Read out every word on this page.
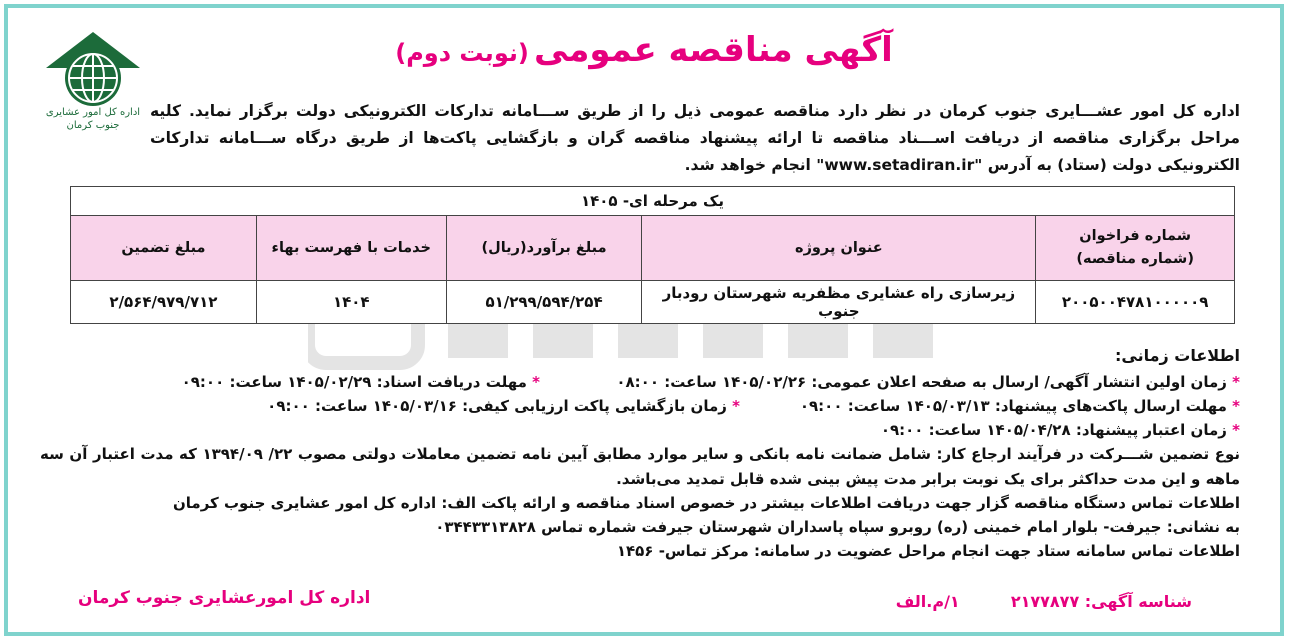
اداره کل امور عشایری
جنوب کرمان
آگهی مناقصه عمومی (نوبت دوم)
اداره کل امور عشـــایری جنوب کرمان در نظر دارد مناقصه عمومی ذیل را از طریق ســـامانه تدارکات الکترونیکی دولت برگزار نماید. کلیه مراحل برگزاری مناقصه از دریافت اســـناد مناقصه تا ارائه پیشنهاد مناقصه گران و بازگشایی پاکت‌ها از طریق درگاه ســـامانه تدارکات الکترونیکی دولت (ستاد) به آدرس "www.setadiran.ir" انجام خواهد شد.
یک مرحله ای- ۱۴۰۵				

شماره فراخوان
(شماره مناقصه)	عنوان پروژه	مبلغ برآورد(ریال)	خدمات با فهرست بهاء	مبلغ تضمین
۲۰۰۵۰۰۴۷۸۱۰۰۰۰۰۹	زیرسازی راه عشایری مظفریه شهرستان رودبار جنوب	۵۱/۲۹۹/۵۹۴/۲۵۴	۱۴۰۴	۲/۵۶۴/۹۷۹/۷۱۲
اطلاعات زمانی:
* زمان اولین انتشار آگهی/ ارسال به صفحه اعلان عمومی: ۱۴۰۵/۰۲/۲۶ ساعت: ۰۸:۰۰
* مهلت دریافت اسناد: ۱۴۰۵/۰۲/۲۹ ساعت: ۰۹:۰۰
* مهلت ارسال پاکت‌های پیشنهاد: ۱۴۰۵/۰۳/۱۳ ساعت: ۰۹:۰۰
* زمان بازگشایی پاکت ارزیابی کیفی: ۱۴۰۵/۰۳/۱۶ ساعت: ۰۹:۰۰
* زمان اعتبار پیشنهاد: ۱۴۰۵/۰۴/۲۸ ساعت: ۰۹:۰۰
نوع تضمین شـــرکت در فرآیند ارجاع کار: شامل ضمانت نامه بانکی و سایر موارد مطابق آیین نامه تضمین معاملات دولتی مصوب ۲۲/ ۱۳۹۴/۰۹ که مدت اعتبار آن سه ماهه و این مدت حداکثر برای یک نوبت برابر مدت پیش بینی شده قابل تمدید می‌باشد.
اطلاعات تماس دستگاه مناقصه گزار جهت دریافت اطلاعات بیشتر در خصوص اسناد مناقصه و ارائه پاکت الف: اداره کل امور عشایری جنوب کرمان
به نشانی: جیرفت- بلوار امام خمینی (ره) روبرو سپاه پاسداران شهرستان جیرفت شماره تماس ۰۳۴۴۳۳۱۳۸۲۸
اطلاعات تماس سامانه ستاد جهت انجام مراحل عضویت در سامانه: مرکز تماس- ۱۴۵۶
شناسه آگهی: ۲۱۷۷۸۷۷  ۱/م.الف
اداره کل امورعشایری جنوب کرمان
